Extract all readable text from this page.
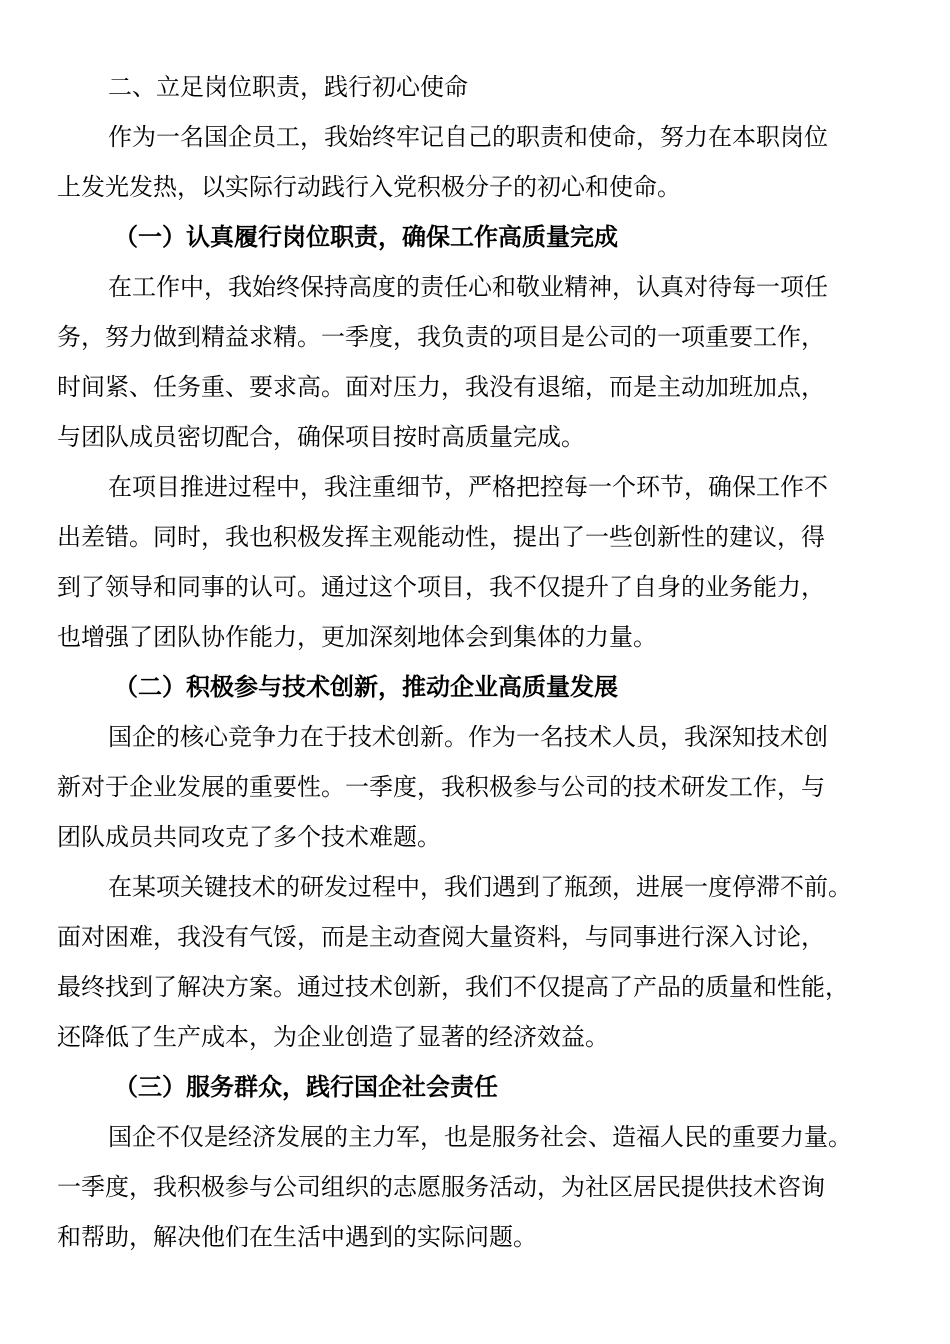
二、立足岗位职责，践行初心使命
作为一名国企员工，我始终牢记自己的职责和使命，努力在本职岗位
上发光发热，以实际行动践行入党积极分子的初心和使命。
（一）认真履行岗位职责，确保工作高质量完成
在工作中，我始终保持高度的责任心和敬业精神，认真对待每一项任
务，努力做到精益求精。一季度，我负责的项目是公司的一项重要工作，
时间紧、任务重、要求高。面对压力，我没有退缩，而是主动加班加点，
与团队成员密切配合，确保项目按时高质量完成。
在项目推进过程中，我注重细节，严格把控每一个环节，确保工作不
出差错。同时，我也积极发挥主观能动性，提出了一些创新性的建议，得
到了领导和同事的认可。通过这个项目，我不仅提升了自身的业务能力，
也增强了团队协作能力，更加深刻地体会到集体的力量。
（二）积极参与技术创新，推动企业高质量发展
国企的核心竞争力在于技术创新。作为一名技术人员，我深知技术创
新对于企业发展的重要性。一季度，我积极参与公司的技术研发工作，与
团队成员共同攻克了多个技术难题。
在某项关键技术的研发过程中，我们遇到了瓶颈，进展一度停滞不前。
面对困难，我没有气馁，而是主动查阅大量资料，与同事进行深入讨论，
最终找到了解决方案。通过技术创新，我们不仅提高了产品的质量和性能，
还降低了生产成本，为企业创造了显著的经济效益。
（三）服务群众，践行国企社会责任
国企不仅是经济发展的主力军，也是服务社会、造福人民的重要力量。
一季度，我积极参与公司组织的志愿服务活动，为社区居民提供技术咨询
和帮助，解决他们在生活中遇到的实际问题。
